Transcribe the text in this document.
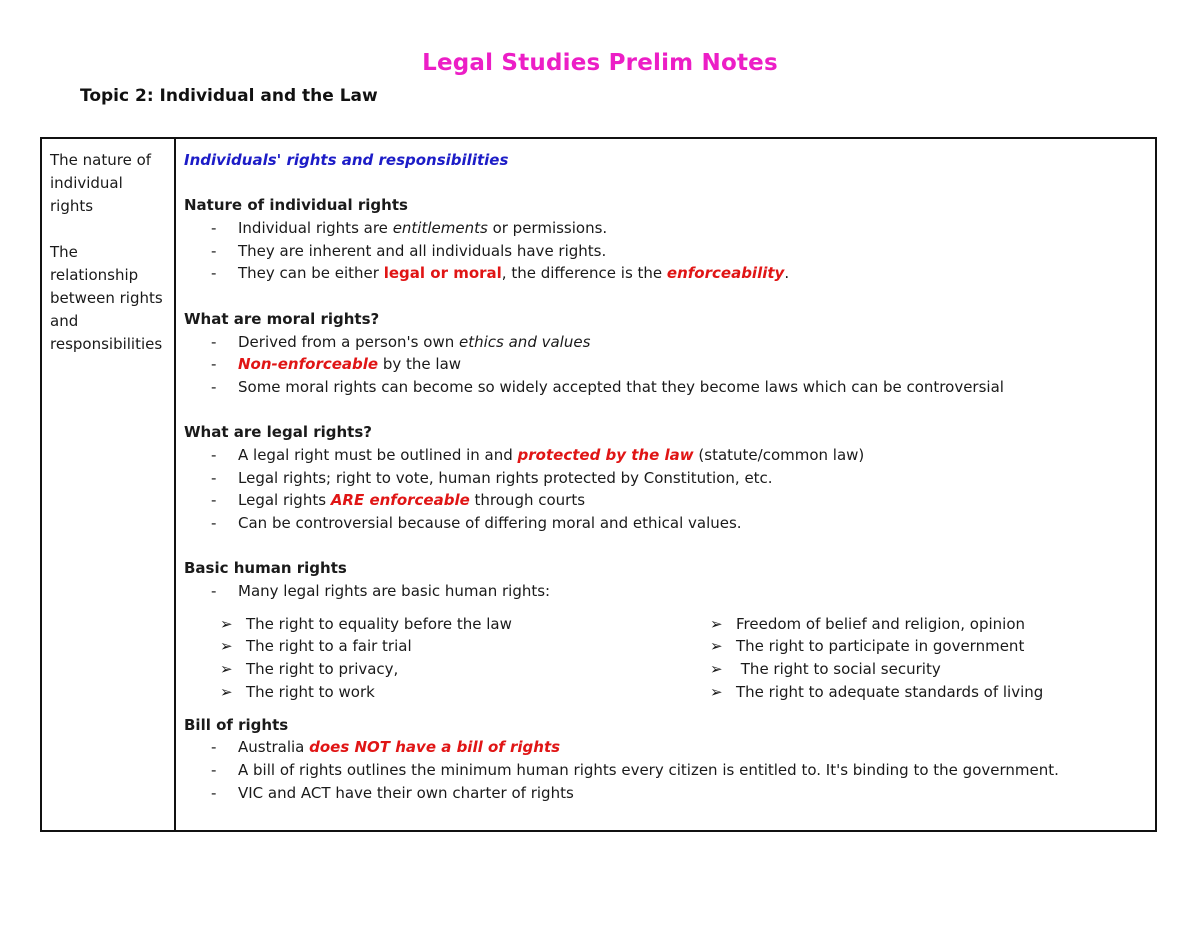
Legal Studies Prelim Notes
Topic 2: Individual and the Law

The nature of
individual
rights

The
relationship
between rights
and
responsibilities

Individuals' rights and responsibilities
Nature of individual rights
- Individual rights are entitlements or permissions.
- They are inherent and all individuals have rights.
- They can be either legal or moral, the difference is the enforceability.
What are moral rights?
- Derived from a person's own ethics and values
- Non-enforceable by the law
- Some moral rights can become so widely accepted that they become laws which can be controversial
What are legal rights?
- A legal right must be outlined in and protected by the law (statute/common law)
- Legal rights; right to vote, human rights protected by Constitution, etc.
- Legal rights ARE enforceable through courts
- Can be controversial because of differing moral and ethical values.
Basic human rights
- Many legal rights are basic human rights:
➢ The right to equality before the law
➢ The right to a fair trial
➢ The right to privacy,
➢ The right to work
➢ Freedom of belief and religion, opinion
➢ The right to participate in government
➢ The right to social security
➢ The right to adequate standards of living
Bill of rights
- Australia does NOT have a bill of rights
- A bill of rights outlines the minimum human rights every citizen is entitled to. It's binding to the government.
- VIC and ACT have their own charter of rights
